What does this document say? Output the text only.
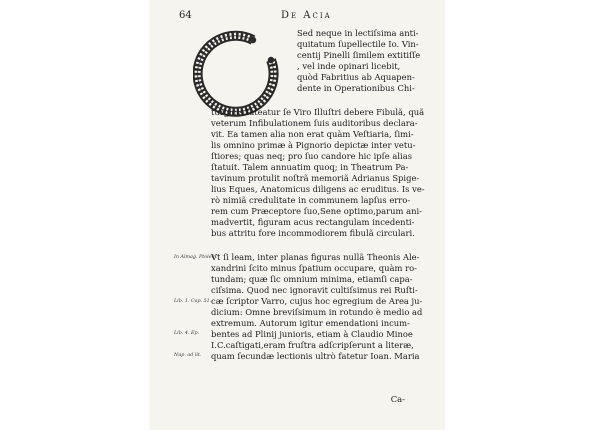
64	De Acia
Sed neque in lectiſsima anti-
quitatum ſupellectile Io. Vin-
centij Pinelli ſimilem extitiſſe
, vel inde opinari licebit,
quòd Fabritius ab Aquapen-
dente in Operationibus Chi-
turgicis fateatur ſe Viro Illuſtri debere Fibulã, quã
veterum Infibulationem ſuis auditoribus declara-
vit. Ea tamen alia non erat quàm Veſtiaria, ſimi-
lis omnino primæ à Pignorio depictæ inter vetu-
ſtiores; quas neq; pro ſuo candore hic ipſe alias
ſtatuit. Talem annuatim quoq; in Theatrum Pa-
tavinum protulit noſtrã memoriã Adrianus Spige-
lius Eques, Anatomicus diligens ac eruditus. Is ve-
rò nimiã credulitate in communem lapſus erro-
rem cum Præceptore ſuo,Sene optimo,parum ani-
madvertit, figuram acus rectangulam incedenti-
bus attritu fore incommodiorem fibulã circulari.
Vt ſi leam, inter planas figuras nullã Theonis Ale-
xandrini ſcito minus ſpatium occupare, quàm ro-
tundam; quæ ſic omnium minima, etiamſi capa-
ciſsima. Quod nec ignoravit cultiſsimus rei Ruſti-
cæ ſcriptor Varro, cujus hoc egregium de Area ju-
dicium: Omne breviſsimum in rotundo è medio ad
extremum. Autorum igitur emendationi incum-
bentes ad Plinij junioris, etiam à Claudio Minoe
I.C.caſtigati,eram fruſtra adſcripſerunt a literæ,
quam ſecundæ lectionis ultrò fatetur Ioan. Maria
In Almag. Ptolem.
Lib. 1. Cap. 51.
Lib. 4. Ep.
Nup. ad lit.
Ca-
